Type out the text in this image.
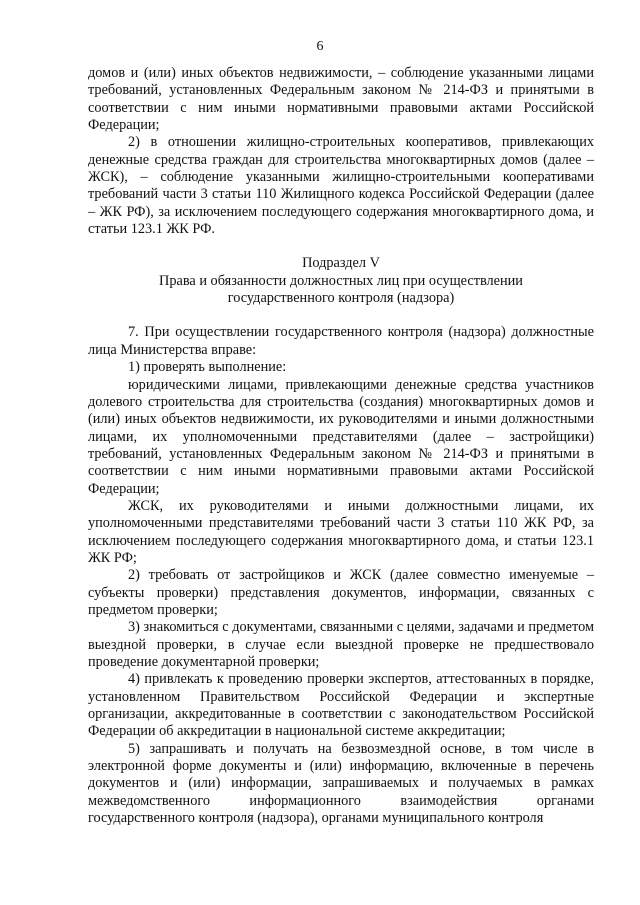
6

домов и (или) иных объектов недвижимости, – соблюдение указанными лицами требований, установленных Федеральным законом № 214-ФЗ и принятыми в соответствии с ним иными нормативными правовыми актами Российской Федерации;

2) в отношении жилищно-строительных кооперативов, привлекающих денежные средства граждан для строительства многоквартирных домов (далее – ЖСК), – соблюдение указанными жилищно-строительными кооперативами требований части 3 статьи 110 Жилищного кодекса Российской Федерации (далее – ЖК РФ), за исключением последующего содержания многоквартирного дома, и статьи 123.1 ЖК РФ.

Подраздел V
Права и обязанности должностных лиц при осуществлении
государственного контроля (надзора)

7. При осуществлении государственного контроля (надзора) должностные лица Министерства вправе:

1) проверять выполнение:

юридическими лицами, привлекающими денежные средства участников долевого строительства для строительства (создания) многоквартирных домов и (или) иных объектов недвижимости, их руководителями и иными должностными лицами, их уполномоченными представителями (далее – застройщики) требований, установленных Федеральным законом № 214-ФЗ и принятыми в соответствии с ним иными нормативными правовыми актами Российской Федерации;

ЖСК, их руководителями и иными должностными лицами, их уполномоченными представителями требований части 3 статьи 110 ЖК РФ, за исключением последующего содержания многоквартирного дома, и статьи 123.1 ЖК РФ;

2) требовать от застройщиков и ЖСК (далее совместно именуемые – субъекты проверки) представления документов, информации, связанных с предметом проверки;

3) знакомиться с документами, связанными с целями, задачами и предметом выездной проверки, в случае если выездной проверке не предшествовало проведение документарной проверки;

4) привлекать к проведению проверки экспертов, аттестованных в порядке, установленном Правительством Российской Федерации и экспертные организации, аккредитованные в соответствии с законодательством Российской Федерации об аккредитации в национальной системе аккредитации;

5) запрашивать и получать на безвозмездной основе, в том числе в электронной форме документы и (или) информацию, включенные в перечень документов и (или) информации, запрашиваемых и получаемых в рамках межведомственного информационного взаимодействия органами государственного контроля (надзора), органами муниципального контроля
